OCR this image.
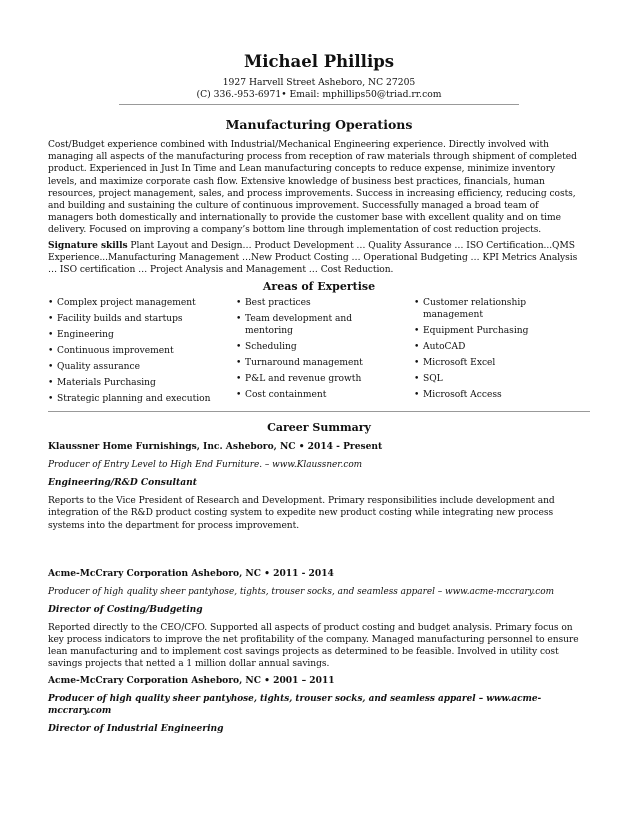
Michael Phillips

1927 Harvell Street Asheboro, NC 27205
(C) 336.-953-6971• Email: mphillips50@triad.rr.com

Manufacturing Operations

Cost/Budget experience combined with Industrial/Mechanical Engineering experience. Directly involved with
managing all aspects of the manufacturing process from reception of raw materials through shipment of completed
product. Experienced in Just In Time and Lean manufacturing concepts to reduce expense, minimize inventory
levels, and maximize corporate cash flow. Extensive knowledge of business best practices, financials, human
resources, project management, sales, and process improvements. Success in increasing efficiency, reducing costs,
and building and sustaining the culture of continuous improvement. Successfully managed a broad team of
managers both domestically and internationally to provide the customer base with excellent quality and on time
delivery. Focused on improving a company’s bottom line through implementation of cost reduction projects.
Signature skills Plant Layout and Design… Product Development … Quality Assurance … ISO Certification...QMS
Experience...Manufacturing Management …New Product Costing … Operational Budgeting … KPI Metrics Analysis
… ISO certification … Project Analysis and Management … Cost Reduction.

Areas of Expertise

• Complex project management
• Facility builds and startups
• Engineering
• Continuous improvement
• Quality assurance
• Materials Purchasing
• Strategic planning and execution
• Best practices
• Team development and mentoring
• Scheduling
• Turnaround management
• P&L and revenue growth
• Cost containment
• Customer relationship management
• Equipment Purchasing
• AutoCAD
• Microsoft Excel
• SQL
• Microsoft Access

Career Summary

Klaussner Home Furnishings, Inc. Asheboro, NC • 2014 - Present

Producer of Entry Level to High End Furniture. – www.Klaussner.com

Engineering/R&D Consultant

Reports to the Vice President of Research and Development. Primary responsibilities include development and
integration of the R&D product costing system to expedite new product costing while integrating new process
systems into the department for process improvement.

Acme-McCrary Corporation Asheboro, NC • 2011 - 2014

Producer of high quality sheer pantyhose, tights, trouser socks, and seamless apparel – www.acme-mccrary.com

Director of Costing/Budgeting

Reported directly to the CEO/CFO. Supported all aspects of product costing and budget analysis. Primary focus on
key process indicators to improve the net profitability of the company. Managed manufacturing personnel to ensure
lean manufacturing and to implement cost savings projects as determined to be feasible. Involved in utility cost
savings projects that netted a 1 million dollar annual savings.

Acme-McCrary Corporation Asheboro, NC • 2001 – 2011

Producer of high quality sheer pantyhose, tights, trouser socks, and seamless apparel – www.acme-mccrary.com

Director of Industrial Engineering
